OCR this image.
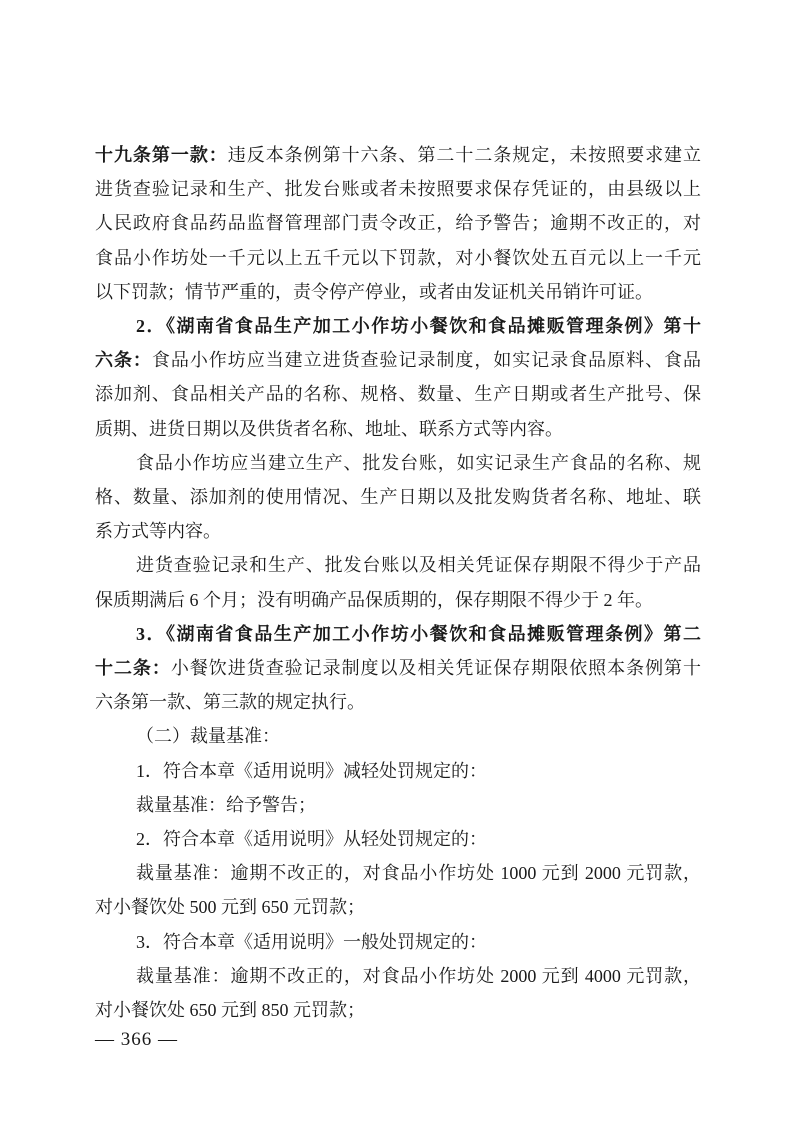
十九条第一款：违反本条例第十六条、第二十二条规定，未按照要求建立
进货查验记录和生产、批发台账或者未按照要求保存凭证的，由县级以上
人民政府食品药品监督管理部门责令改正，给予警告；逾期不改正的，对
食品小作坊处一千元以上五千元以下罚款，对小餐饮处五百元以上一千元
以下罚款；情节严重的，责令停产停业，或者由发证机关吊销许可证。
2．《湖南省食品生产加工小作坊小餐饮和食品摊贩管理条例》第十
六条：食品小作坊应当建立进货查验记录制度，如实记录食品原料、食品
添加剂、食品相关产品的名称、规格、数量、生产日期或者生产批号、保
质期、进货日期以及供货者名称、地址、联系方式等内容。
食品小作坊应当建立生产、批发台账，如实记录生产食品的名称、规
格、数量、添加剂的使用情况、生产日期以及批发购货者名称、地址、联
系方式等内容。
进货查验记录和生产、批发台账以及相关凭证保存期限不得少于产品
保质期满后 6 个月；没有明确产品保质期的，保存期限不得少于 2 年。
3．《湖南省食品生产加工小作坊小餐饮和食品摊贩管理条例》第二
十二条：小餐饮进货查验记录制度以及相关凭证保存期限依照本条例第十
六条第一款、第三款的规定执行。
（二）裁量基准：
1．符合本章《适用说明》减轻处罚规定的：
裁量基准：给予警告；
2．符合本章《适用说明》从轻处罚规定的：
裁量基准：逾期不改正的，对食品小作坊处 1000 元到 2000 元罚款，
对小餐饮处 500 元到 650 元罚款；
3．符合本章《适用说明》一般处罚规定的：
裁量基准：逾期不改正的，对食品小作坊处 2000 元到 4000 元罚款，
对小餐饮处 650 元到 850 元罚款；
— 366 —
